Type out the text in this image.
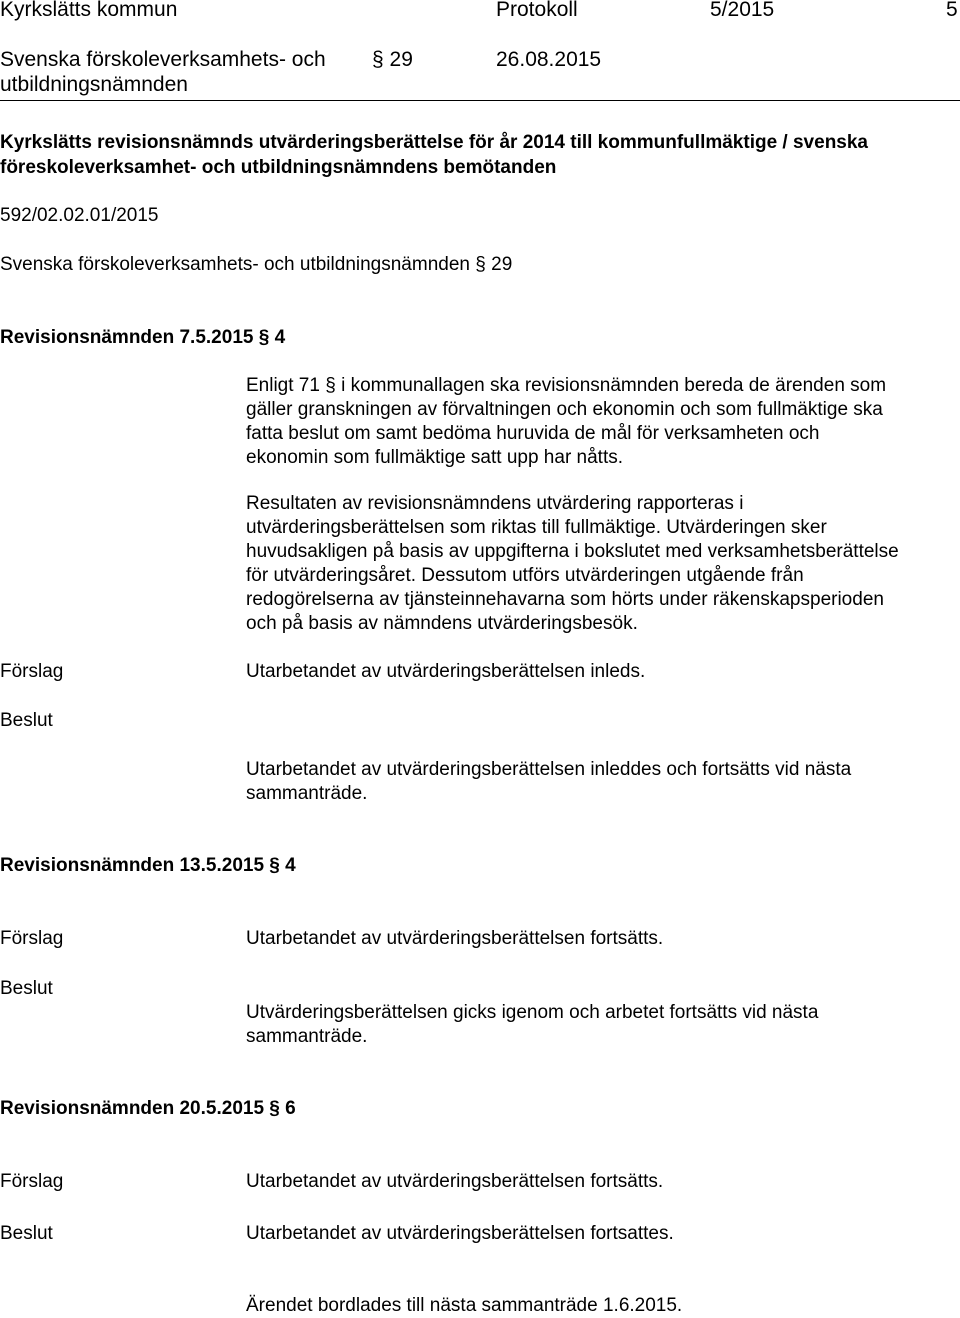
Kyrkslätts kommun	Protokoll	5/2015	5
Svenska förskoleverksamhets- och
utbildningsnämnden
§ 29	26.08.2015
Kyrkslätts revisionsnämnds utvärderingsberättelse för år 2014 till kommunfullmäktige / svenska
föreskoleverksamhet- och utbildningsnämndens bemötanden
592/02.02.01/2015
Svenska förskoleverksamhets- och utbildningsnämnden § 29
Revisionsnämnden 7.5.2015 § 4
Enligt 71 § i kommunallagen ska revisionsnämnden bereda de ärenden som
gäller granskningen av förvaltningen och ekonomin och som fullmäktige ska
fatta beslut om samt bedöma huruvida de mål för verksamheten och
ekonomin som fullmäktige satt upp har nåtts.
Resultaten av revisionsnämndens utvärdering rapporteras i
utvärderingsberättelsen som riktas till fullmäktige. Utvärderingen sker
huvudsakligen på basis av uppgifterna i bokslutet med verksamhetsberättelse
för utvärderingsåret. Dessutom utförs utvärderingen utgående från
redogörelserna av tjänsteinnehavarna som hörts under räkenskapsperioden
och på basis av nämndens utvärderingsbesök.
Förslag	Utarbetandet av utvärderingsberättelsen inleds.
Beslut
Utarbetandet av utvärderingsberättelsen inleddes och fortsätts vid nästa
sammanträde.
Revisionsnämnden 13.5.2015 § 4
Förslag	Utarbetandet av utvärderingsberättelsen fortsätts.
Beslut
Utvärderingsberättelsen gicks igenom och arbetet fortsätts vid nästa
sammanträde.
Revisionsnämnden 20.5.2015 § 6
Förslag	Utarbetandet av utvärderingsberättelsen fortsätts.
Beslut	Utarbetandet av utvärderingsberättelsen fortsattes.
Ärendet bordlades till nästa sammanträde 1.6.2015.
